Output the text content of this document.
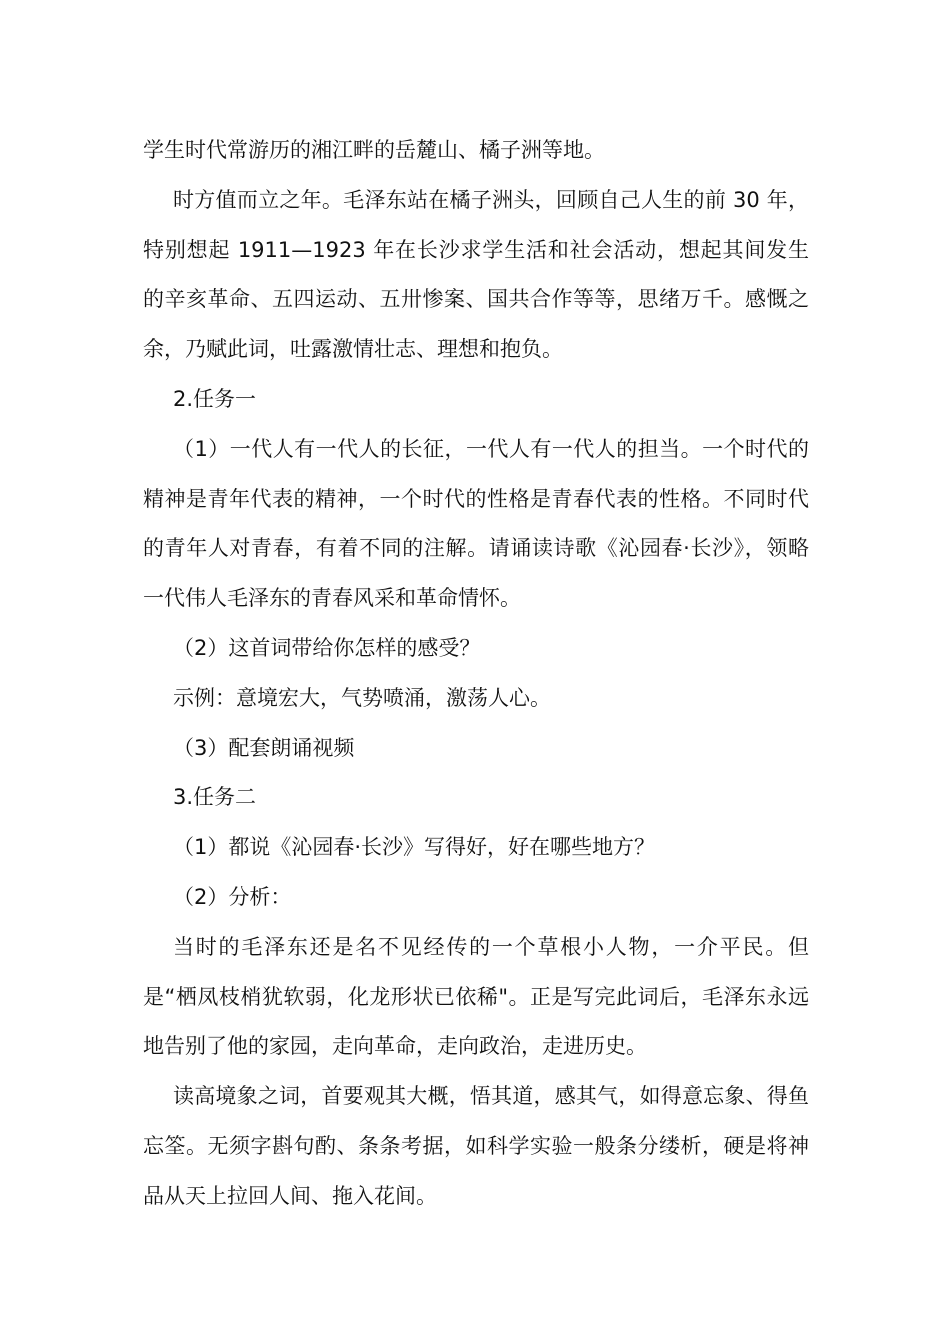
学生时代常游历的湘江畔的岳麓山、橘子洲等地。

时方值而立之年。毛泽东站在橘子洲头，回顾自己人生的前 30 年，特别想起 1911—1923 年在长沙求学生活和社会活动，想起其间发生的辛亥革命、五四运动、五卅惨案、国共合作等等，思绪万千。感慨之余，乃赋此词，吐露激情壮志、理想和抱负。

2.任务一

（1）一代人有一代人的长征，一代人有一代人的担当。一个时代的精神是青年代表的精神，一个时代的性格是青春代表的性格。不同时代的青年人对青春，有着不同的注解。请诵读诗歌《沁园春·长沙》，领略一代伟人毛泽东的青春风采和革命情怀。

（2）这首词带给你怎样的感受？

示例：意境宏大，气势喷涌，激荡人心。

（3）配套朗诵视频

3.任务二

（1）都说《沁园春·长沙》写得好，好在哪些地方？

（2）分析：

当时的毛泽东还是名不见经传的一个草根小人物，一介平民。但是“栖凤枝梢犹软弱，化龙形状已依稀"。正是写完此词后，毛泽东永远地告别了他的家园，走向革命，走向政治，走进历史。

读高境象之词，首要观其大概，悟其道，感其气，如得意忘象、得鱼忘筌。无须字斟句酌、条条考据，如科学实验一般条分缕析，硬是将神品从天上拉回人间、拖入花间。
